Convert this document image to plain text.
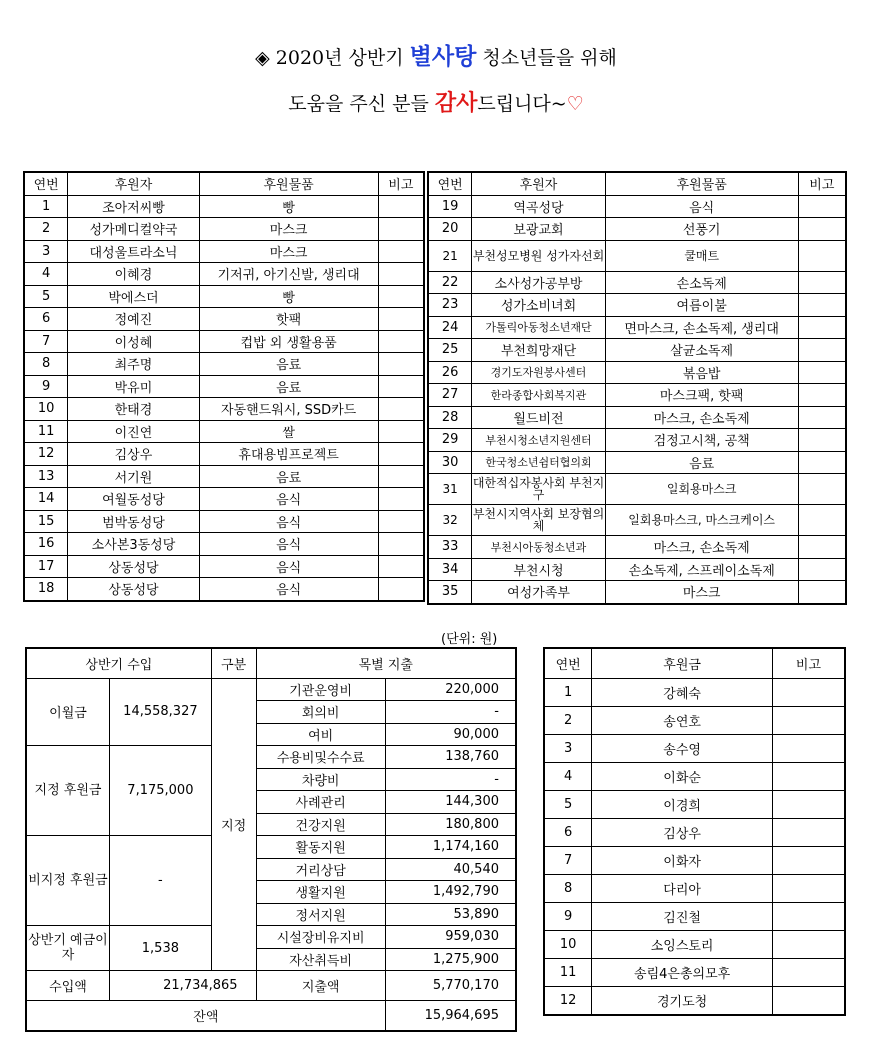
◈ 2020년 상반기 별사탕 청소년들을 위해
도움을 주신 분들 감사드립니다~♡
연번	후원자	후원물품	비고
1	조아저씨빵	빵	
2	성가메디컬약국	마스크	
3	대성울트라소닉	마스크	
4	이혜경	기저귀, 아기신발, 생리대	
5	박에스더	빵	
6	정예진	핫팩	
7	이성혜	컵밥 외 생활용품	
8	최주명	음료	
9	박유미	음료	
10	한태경	자동핸드워시, SSD카드	
11	이진연	쌀	
12	김상우	휴대용빔프로젝트	
13	서기원	음료	
14	여월동성당	음식	
15	범박동성당	음식	
16	소사본3동성당	음식	
17	상동성당	음식	
18	상동성당	음식	
연번	후원자	후원물품	비고
19	역곡성당	음식	
20	보광교회	선풍기	
21	부천성모병원 성가자선회	쿨매트	
22	소사성가공부방	손소독제	
23	성가소비녀회	여름이불	
24	가톨릭아동청소년재단	면마스크, 손소독제, 생리대	
25	부천희망재단	살균소독제	
26	경기도자원봉사센터	볶음밥	
27	한라종합사회복지관	마스크팩, 핫팩	
28	월드비전	마스크, 손소독제	
29	부천시청소년지원센터	검정고시책, 공책	
30	한국청소년쉼터협의회	음료	
31	대한적십자봉사회 부천지구	일회용마스크	
32	부천시지역사회 보장협의체	일회용마스크, 마스크케이스	
33	부천시아동청소년과	마스크, 손소독제	
34	부천시청	손소독제, 스프레이소독제	
35	여성가족부	마스크	
(단위: 원)
상반기 수입		구분	목별 지출	
이월금	14,558,327	지정	기관운영비	220,000
			회의비	-
			여비	90,000
지정 후원금	7,175,000		수용비및수수료	138,760
			차량비	-
			사례관리	144,300
			건강지원	180,800
비지정 후원금	-		활동지원	1,174,160
			거리상담	40,540
			생활지원	1,492,790
			정서지원	53,890
상반기 예금이자	1,538		시설장비유지비	959,030
			자산취득비	1,275,900
수입액	21,734,865		지출액	5,770,170
잔액				15,964,695
연번	후원금	비고
1	강혜숙	
2	송연호	
3	송수영	
4	이화순	
5	이경희	
6	김상우	
7	이화자	
8	다리아	
9	김진철	
10	소잉스토리	
11	송림4은총의모후	
12	경기도청	
